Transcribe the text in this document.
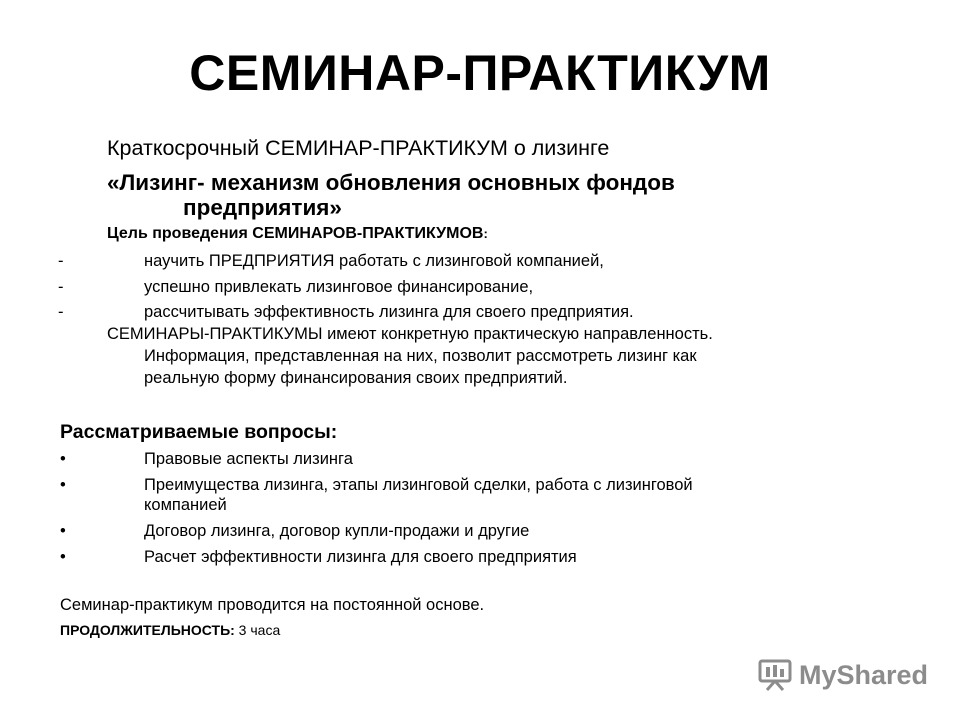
СЕМИНАР-ПРАКТИКУМ
Краткосрочный СЕМИНАР-ПРАКТИКУМ о лизинге
«Лизинг- механизм обновления основных фондов
предприятия»
Цель проведения СЕМИНАРОВ-ПРАКТИКУМОВ:
-	научить ПРЕДПРИЯТИЯ работать с лизинговой компанией,
-	успешно привлекать лизинговое финансирование,
-	рассчитывать эффективность лизинга для своего предприятия.
СЕМИНАРЫ-ПРАКТИКУМЫ имеют конкретную практическую направленность.
Информация, представленная на них, позволит рассмотреть лизинг как
реальную форму финансирования своих предприятий.
Рассматриваемые вопросы:
•	Правовые аспекты лизинга
•	Преимущества лизинга, этапы лизинговой сделки, работа с лизинговой
компанией
•	Договор лизинга, договор купли-продажи и другие
•	Расчет эффективности лизинга для своего предприятия
Семинар-практикум проводится на постоянной основе.
ПРОДОЛЖИТЕЛЬНОСТЬ: 3 часа
MyShared
